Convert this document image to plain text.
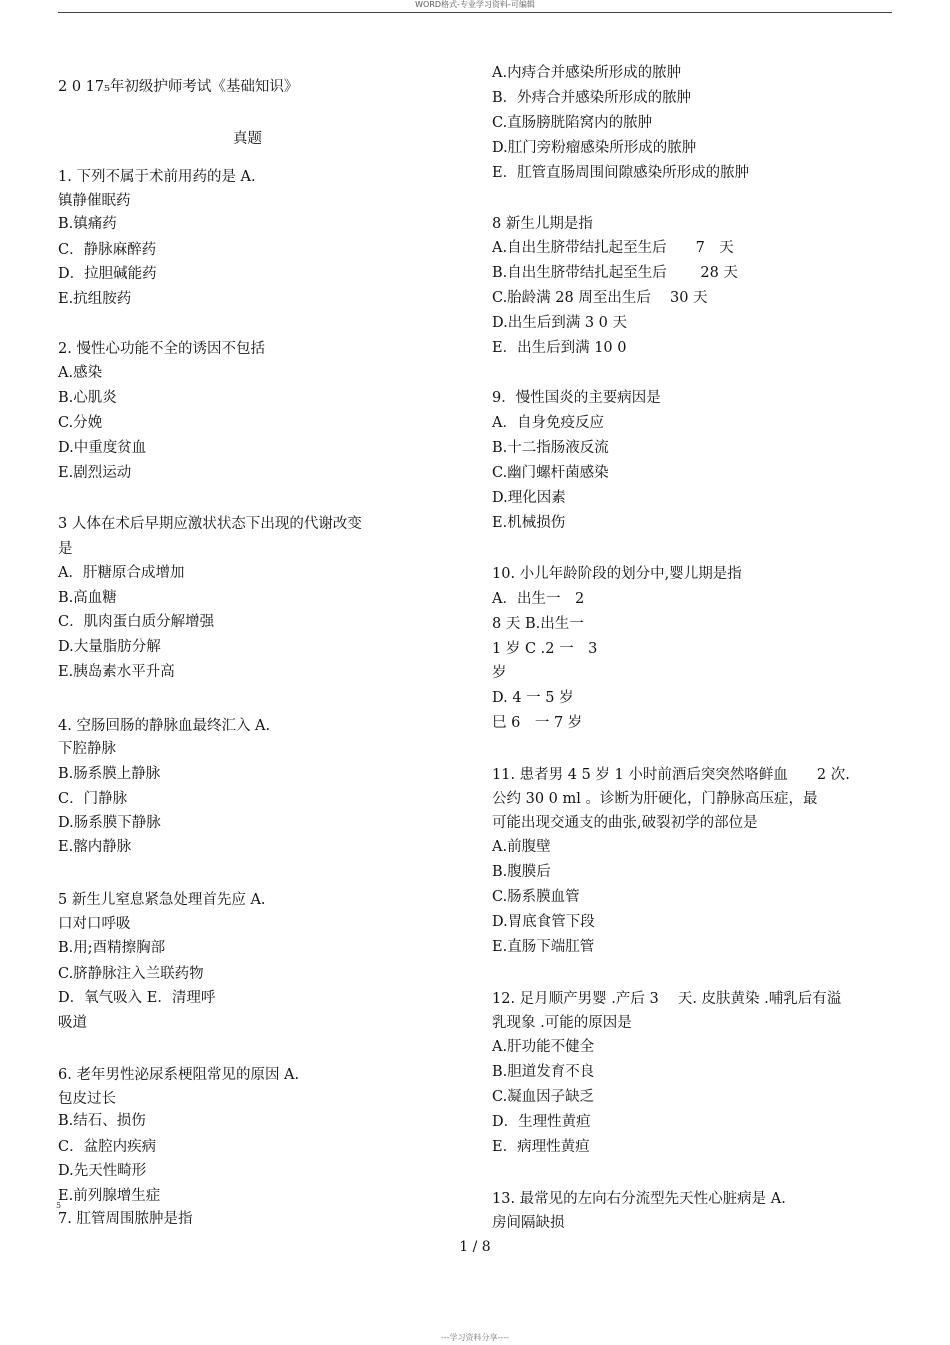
WORD格式-专业学习资料-可编辑
2 0 17₅年初级护师考试《基础知识》
真题
1. 下列不属于术前用药的是 A.
镇静催眠药
B.镇痛药
C．静脉麻醉药
D．拉胆碱能药
E.抗组胺药
2. 慢性心功能不全的诱因不包括
A.感染
B.心肌炎
C.分娩
D.中重度贫血
E.剧烈运动
3 人体在术后早期应激状状态下出现的代谢改变
是
A．肝糖原合成增加
B.高血糖
C．肌肉蛋白质分解增强
D.大量脂肪分解
E.胰岛素水平升高
4. 空肠回肠的静脉血最终汇入 A.
下腔静脉
B.肠系膜上静脉
C．门静脉
D.肠系膜下静脉
E.髂内静脉
5 新生儿窒息紧急处理首先应 A.
口对口呼吸
B.用;酉精擦胸部
C.脐静脉注入兰联药物
D．氧气吸入 E．清理呼
吸道
6. 老年男性泌尿系梗阻常见的原因 A.
包皮过长
B.结石、损伤
C．盆腔内疾病
D.先天性畸形
E.前列腺增生症
7. 肛管周围脓肿是指
A.内痔合并感染所形成的脓肿
B．外痔合并感染所形成的脓肿
C.直肠膀胱陷窝内的脓肿
D.肛门旁粉瘤感染所形成的脓肿
E．肛管直肠周围间隙感染所形成的脓肿
8 新生儿期是指
A.自出生脐带结扎起至生后　　7　天
B.自出生脐带结扎起至生后　　 28 天
C.胎龄满 28 周至出生后　 30 天
D.出生后到满 3 0 天
E．出生后到满 10 0
9．慢性国炎的主要病因是
A．自身免疫反应
B.十二指肠液反流
C.幽门螺杆菌感染
D.理化因素
E.机械损伤
10. 小儿年龄阶段的划分中,婴儿期是指
A．出生一　2
8 天 B.出生一
1 岁 C .2 一　3
岁
D. 4 一 5 岁
巳 6　一 7 岁
11. 患者男 4 5 岁 1 小时前酒后突突然咯鲜血　　2 次.
公约 30 0 ml 。诊断为肝硬化，门静脉高压症，最
可能出现交通支的曲张,破裂初学的部位是
A.前腹壁
B.腹膜后
C.肠系膜血管
D.胃底食管下段
E.直肠下端肛管
12. 足月顺产男婴 .产后 3　 天. 皮肤黄染 .哺乳后有溢
乳现象 .可能的原因是
A.肝功能不健全
B.胆道发育不良
C.凝血因子缺乏
D．生理性黄疸
E．病理性黄疸
13. 最常见的左向右分流型先天性心脏病是 A.
房间隔缺损
5
1 / 8
---学习资料分享----
